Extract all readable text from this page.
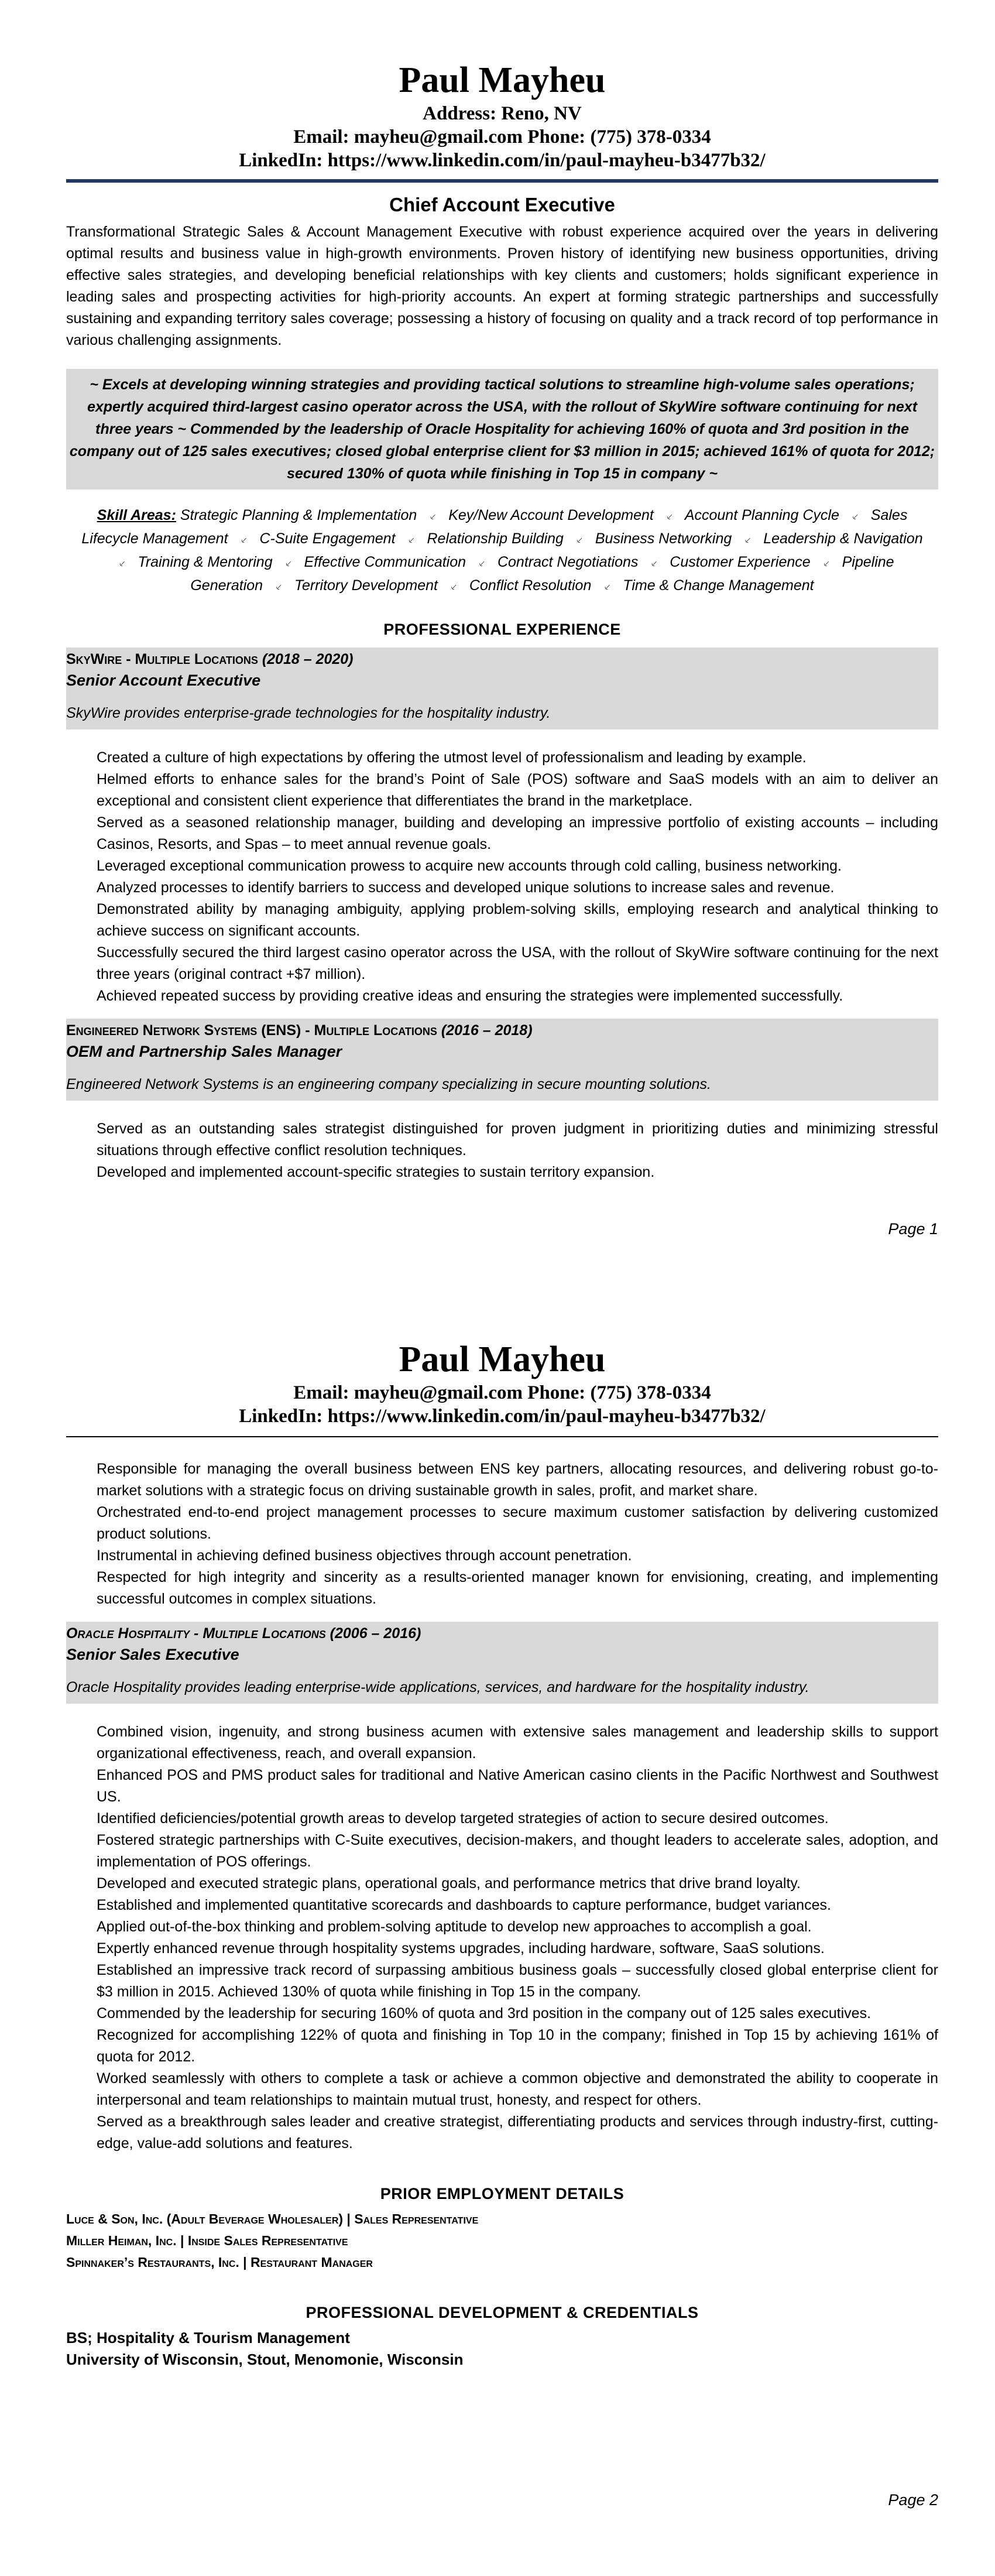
Paul Mayheu
Address: Reno, NV
Email: mayheu@gmail.com Phone: (775) 378-0334
LinkedIn: https://www.linkedin.com/in/paul-mayheu-b3477b32/
Chief Account Executive
Transformational Strategic Sales & Account Management Executive with robust experience acquired over the years in delivering optimal results and business value in high-growth environments. Proven history of identifying new business opportunities, driving effective sales strategies, and developing beneficial relationships with key clients and customers; holds significant experience in leading sales and prospecting activities for high-priority accounts. An expert at forming strategic partnerships and successfully sustaining and expanding territory sales coverage; possessing a history of focusing on quality and a track record of top performance in various challenging assignments.
~ Excels at developing winning strategies and providing tactical solutions to streamline high-volume sales operations; expertly acquired third-largest casino operator across the USA, with the rollout of SkyWire software continuing for next three years ~ Commended by the leadership of Oracle Hospitality for achieving 160% of quota and 3rd position in the company out of 125 sales executives; closed global enterprise client for $3 million in 2015; achieved 161% of quota for 2012; secured 130% of quota while finishing in Top 15 in company ~
Skill Areas: Strategic Planning & Implementation ⸔ Key/New Account Development ⸔ Account Planning Cycle ⸔ Sales Lifecycle Management ⸔ C-Suite Engagement ⸔ Relationship Building ⸔ Business Networking ⸔ Leadership & Navigation ⸔ Training & Mentoring ⸔ Effective Communication ⸔ Contract Negotiations ⸔ Customer Experience ⸔ Pipeline Generation ⸔ Territory Development ⸔ Conflict Resolution ⸔ Time & Change Management
PROFESSIONAL EXPERIENCE
SkyWire - Multiple Locations (2018 – 2020)
Senior Account Executive
SkyWire provides enterprise-grade technologies for the hospitality industry.
Created a culture of high expectations by offering the utmost level of professionalism and leading by example.
Helmed efforts to enhance sales for the brand’s Point of Sale (POS) software and SaaS models with an aim to deliver an exceptional and consistent client experience that differentiates the brand in the marketplace.
Served as a seasoned relationship manager, building and developing an impressive portfolio of existing accounts – including Casinos, Resorts, and Spas – to meet annual revenue goals.
Leveraged exceptional communication prowess to acquire new accounts through cold calling, business networking.
Analyzed processes to identify barriers to success and developed unique solutions to increase sales and revenue.
Demonstrated ability by managing ambiguity, applying problem-solving skills, employing research and analytical thinking to achieve success on significant accounts.
Successfully secured the third largest casino operator across the USA, with the rollout of SkyWire software continuing for the next three years (original contract +$7 million).
Achieved repeated success by providing creative ideas and ensuring the strategies were implemented successfully.
Engineered Network Systems (ENS) - Multiple Locations (2016 – 2018)
OEM and Partnership Sales Manager
Engineered Network Systems is an engineering company specializing in secure mounting solutions.
Served as an outstanding sales strategist distinguished for proven judgment in prioritizing duties and minimizing stressful situations through effective conflict resolution techniques.
Developed and implemented account-specific strategies to sustain territory expansion.
Page 1
Paul Mayheu
Email: mayheu@gmail.com Phone: (775) 378-0334
LinkedIn: https://www.linkedin.com/in/paul-mayheu-b3477b32/
Responsible for managing the overall business between ENS key partners, allocating resources, and delivering robust go-to-market solutions with a strategic focus on driving sustainable growth in sales, profit, and market share.
Orchestrated end-to-end project management processes to secure maximum customer satisfaction by delivering customized product solutions.
Instrumental in achieving defined business objectives through account penetration.
Respected for high integrity and sincerity as a results-oriented manager known for envisioning, creating, and implementing successful outcomes in complex situations.
Oracle Hospitality - Multiple Locations (2006 – 2016)
Senior Sales Executive
Oracle Hospitality provides leading enterprise-wide applications, services, and hardware for the hospitality industry.
Combined vision, ingenuity, and strong business acumen with extensive sales management and leadership skills to support organizational effectiveness, reach, and overall expansion.
Enhanced POS and PMS product sales for traditional and Native American casino clients in the Pacific Northwest and Southwest US.
Identified deficiencies/potential growth areas to develop targeted strategies of action to secure desired outcomes.
Fostered strategic partnerships with C-Suite executives, decision-makers, and thought leaders to accelerate sales, adoption, and implementation of POS offerings.
Developed and executed strategic plans, operational goals, and performance metrics that drive brand loyalty.
Established and implemented quantitative scorecards and dashboards to capture performance, budget variances.
Applied out-of-the-box thinking and problem-solving aptitude to develop new approaches to accomplish a goal.
Expertly enhanced revenue through hospitality systems upgrades, including hardware, software, SaaS solutions.
Established an impressive track record of surpassing ambitious business goals – successfully closed global enterprise client for $3 million in 2015. Achieved 130% of quota while finishing in Top 15 in the company.
Commended by the leadership for securing 160% of quota and 3rd position in the company out of 125 sales executives.
Recognized for accomplishing 122% of quota and finishing in Top 10 in the company; finished in Top 15 by achieving 161% of quota for 2012.
Worked seamlessly with others to complete a task or achieve a common objective and demonstrated the ability to cooperate in interpersonal and team relationships to maintain mutual trust, honesty, and respect for others.
Served as a breakthrough sales leader and creative strategist, differentiating products and services through industry-first, cutting-edge, value-add solutions and features.
PRIOR EMPLOYMENT DETAILS
Luce & Son, Inc. (Adult Beverage Wholesaler) | Sales Representative
Miller Heiman, Inc. | Inside Sales Representative
Spinnaker’s Restaurants, Inc. | Restaurant Manager
PROFESSIONAL DEVELOPMENT & CREDENTIALS
BS; Hospitality & Tourism Management
University of Wisconsin, Stout, Menomonie, Wisconsin
Page 2
